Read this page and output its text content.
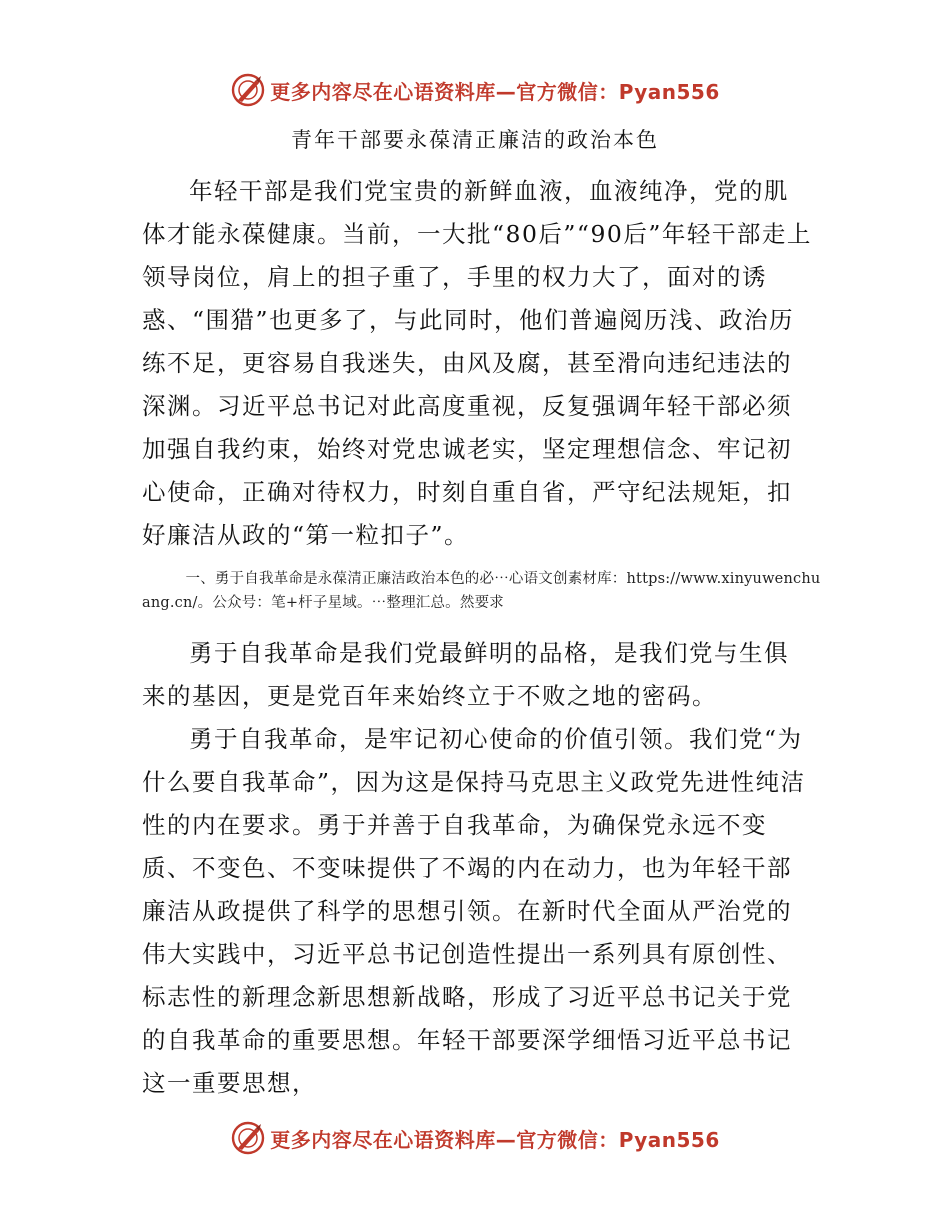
更多内容尽在心语资料库—官方微信：Pyan556
青年干部要永葆清正廉洁的政治本色

年轻干部是我们党宝贵的新鲜血液，血液纯净，党的肌体才能永葆健康。当前，一大批“80后”“90后”年轻干部走上领导岗位，肩上的担子重了，手里的权力大了，面对的诱惑、“围猎”也更多了，与此同时，他们普遍阅历浅、政治历练不足，更容易自我迷失，由风及腐，甚至滑向违纪违法的深渊。习近平总书记对此高度重视，反复强调年轻干部必须加强自我约束，始终对党忠诚老实，坚定理想信念、牢记初心使命，正确对待权力，时刻自重自省，严守纪法规矩，扣好廉洁从政的“第一粒扣子”。

一、勇于自我革命是永葆清正廉洁政治本色的必⋯心语文创素材库：https://www.xinyuwenchuang.cn/。公众号：笔+杆子星域。⋯整理汇总。然要求

勇于自我革命是我们党最鲜明的品格，是我们党与生俱来的基因，更是党百年来始终立于不败之地的密码。

勇于自我革命，是牢记初心使命的价值引领。我们党“为什么要自我革命”，因为这是保持马克思主义政党先进性纯洁性的内在要求。勇于并善于自我革命，为确保党永远不变质、不变色、不变味提供了不竭的内在动力，也为年轻干部廉洁从政提供了科学的思想引领。在新时代全面从严治党的伟大实践中，习近平总书记创造性提出一系列具有原创性、标志性的新理念新思想新战略，形成了习近平总书记关于党的自我革命的重要思想。年轻干部要深学细悟习近平总书记这一重要思想，

更多内容尽在心语资料库—官方微信：Pyan556
